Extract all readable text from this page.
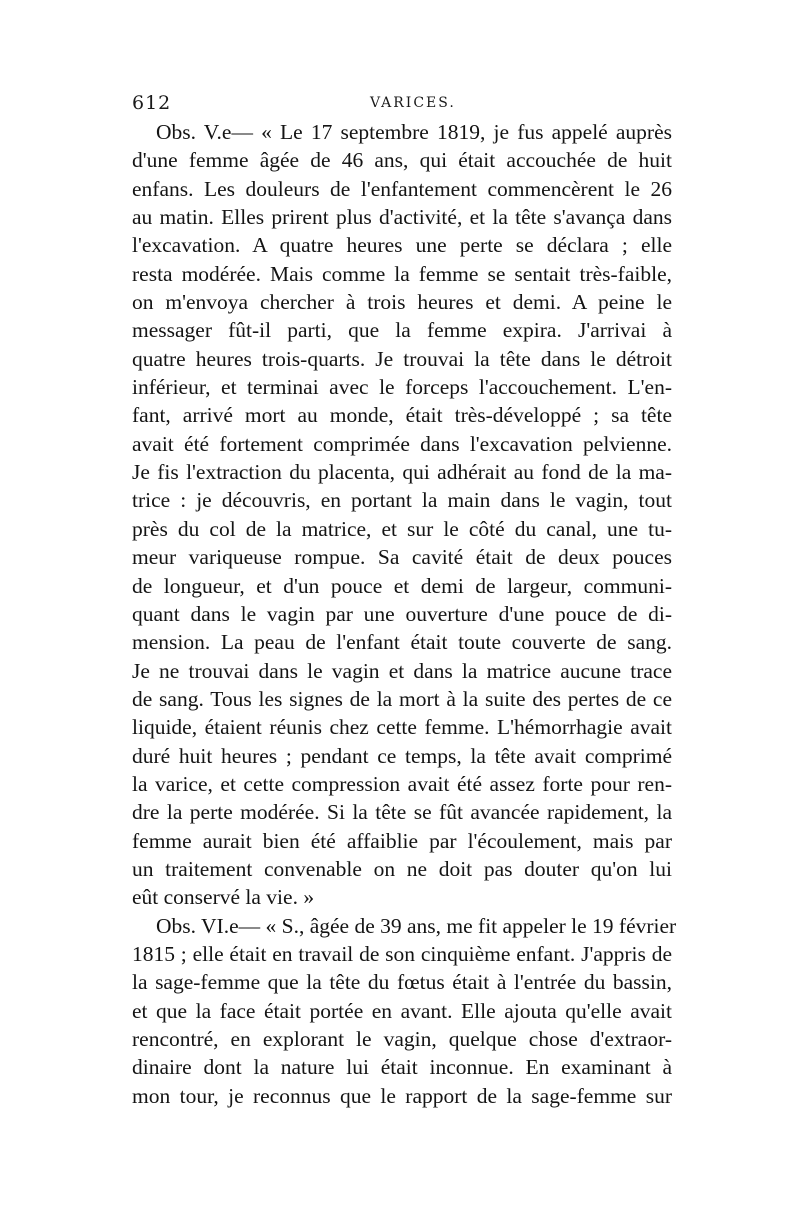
612	VARICES.
Obs. V.e— « Le 17 septembre 1819, je fus appelé auprès
d'une femme âgée de 46 ans, qui était accouchée de huit
enfans. Les douleurs de l'enfantement commencèrent le 26
au matin. Elles prirent plus d'activité, et la tête s'avança dans
l'excavation. A quatre heures une perte se déclara ; elle
resta modérée. Mais comme la femme se sentait très-faible,
on m'envoya chercher à trois heures et demi. A peine le
messager fût-il parti, que la femme expira. J'arrivai à
quatre heures trois-quarts. Je trouvai la tête dans le détroit
inférieur, et terminai avec le forceps l'accouchement. L'en-
fant, arrivé mort au monde, était très-développé ; sa tête
avait été fortement comprimée dans l'excavation pelvienne.
Je fis l'extraction du placenta, qui adhérait au fond de la ma-
trice : je découvris, en portant la main dans le vagin, tout
près du col de la matrice, et sur le côté du canal, une tu-
meur variqueuse rompue. Sa cavité était de deux pouces
de longueur, et d'un pouce et demi de largeur, communi-
quant dans le vagin par une ouverture d'une pouce de di-
mension. La peau de l'enfant était toute couverte de sang.
Je ne trouvai dans le vagin et dans la matrice aucune trace
de sang. Tous les signes de la mort à la suite des pertes de ce
liquide, étaient réunis chez cette femme. L'hémorrhagie avait
duré huit heures ; pendant ce temps, la tête avait comprimé
la varice, et cette compression avait été assez forte pour ren-
dre la perte modérée. Si la tête se fût avancée rapidement, la
femme aurait bien été affaiblie par l'écoulement, mais par
un traitement convenable on ne doit pas douter qu'on lui
eût conservé la vie. »
Obs. VI.e— « S., âgée de 39 ans, me fit appeler le 19 février
1815 ; elle était en travail de son cinquième enfant. J'appris de
la sage-femme que la tête du fœtus était à l'entrée du bassin,
et que la face était portée en avant. Elle ajouta qu'elle avait
rencontré, en explorant le vagin, quelque chose d'extraor-
dinaire dont la nature lui était inconnue. En examinant à
mon tour, je reconnus que le rapport de la sage-femme sur
